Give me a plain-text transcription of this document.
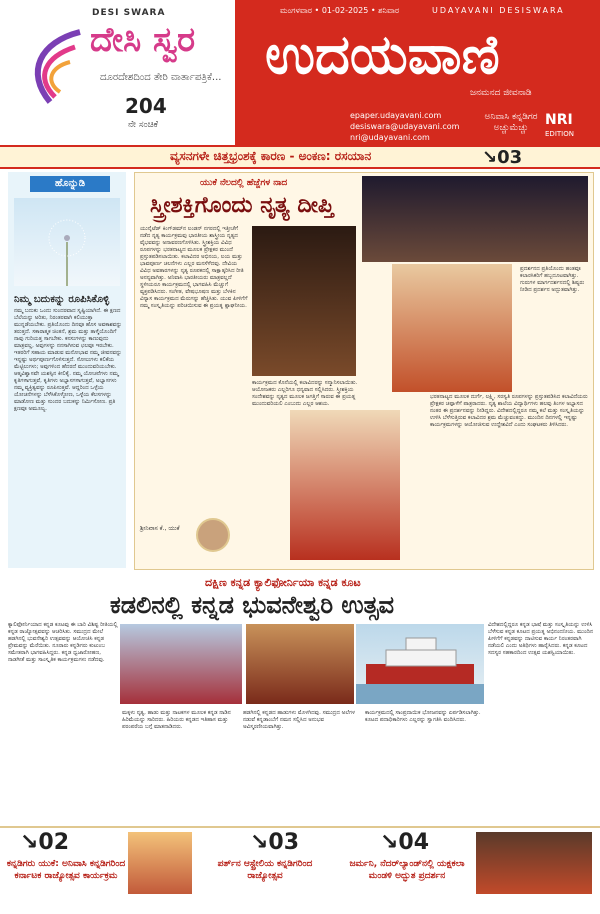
DESI SWARA
ದೇಸಿ ಸ್ವರ
ದೂರದೇಶದಿಂದ ತೇರಿ ವಾರ್ತಾಪತ್ರಿಕೆ...
204
ನೇ ಸಂಚಿಕೆ
ಮಂಗಳವಾರ • 01-02-2025 • ಶನಿವಾರ	UDAYAVANI DESISWARA
ಉದಯವಾಣಿ
ಜನಮನದ ಜೀವನಾಡಿ
epaper.udayavani.com
desiswara@udayavani.com
nri@udayavani.com
ಅನಿವಾಸಿ ಕನ್ನಡಿಗರ ಅಚ್ಚುಮೆಚ್ಚು	NRI
EDITION
ವ್ಯಸನಗಳೇ ಚಿತ್ತಭ್ರಂಶಕ್ಕೆ ಕಾರಣ - ಅಂಕಣ: ರಸಯಾನ	↘03
ಹೊನ್ನುಡಿ
ನಿಮ್ಮ ಬದುಕನ್ನು ರೂಪಿಸಿಕೊಳ್ಳಿ
ನಮ್ಮ ಬದುಕು ಒಂದು ಸುಂದರವಾದ ಸೃಷ್ಟಿಯಾಗಿದೆ. ಈ ಕ್ಷಣದ ಬೆಲೆಯನ್ನು ಅರಿತು, ನಿರಂತರವಾಗಿ ಕಲಿಯುತ್ತಾ ಮುನ್ನಡೆಯಬೇಕು. ಪ್ರತಿಯೊಂದು ದಿನವೂ ಹೊಸ ಅವಕಾಶವನ್ನು ತರುತ್ತದೆ. ಸಕಾರಾತ್ಮಕ ಚಿಂತನೆ, ಶ್ರಮ ಮತ್ತು ತಾಳ್ಮೆಯೊಂದಿಗೆ ನಾವು ಗುರಿಯತ್ತ ಸಾಗಬೇಕು. ಕನಸುಗಳನ್ನು ಕಾಣುವುದು ಮಾತ್ರವಲ್ಲ, ಅವುಗಳನ್ನು ನನಸಾಗಿಸುವ ಛಲವೂ ಇರಬೇಕು. ಇತರರಿಗೆ ಸಹಾಯ ಮಾಡುವ ಮನೋಭಾವ ನಮ್ಮ ಜೀವನವನ್ನು ಇನ್ನಷ್ಟು ಅರ್ಥಪೂರ್ಣಗೊಳಿಸುತ್ತದೆ. ಸೋಲುಗಳು ಕಲಿಕೆಯ ಮೆಟ್ಟಿಲುಗಳು; ಅವುಗಳಿಂದ ಹೆದರದೆ ಮುಂದುವರಿಯಬೇಕು. ಆತ್ಮವಿಶ್ವಾಸವೇ ಯಶಸ್ಸಿನ ಕೀಲಿಕೈ. ನಮ್ಮ ಯೋಚನೆಗಳು ನಮ್ಮ ಕೃತಿಗಳಾಗುತ್ತವೆ, ಕೃತಿಗಳು ಅಭ್ಯಾಸಗಳಾಗುತ್ತವೆ, ಅಭ್ಯಾಸಗಳು ನಮ್ಮ ವ್ಯಕ್ತಿತ್ವವನ್ನು ರೂಪಿಸುತ್ತವೆ. ಆದ್ದರಿಂದ ಒಳ್ಳೆಯ ಯೋಚನೆಗಳನ್ನು ಬೆಳೆಸಿಕೊಳ್ಳೋಣ, ಒಳ್ಳೆಯ ಕೆಲಸಗಳನ್ನು ಮಾಡೋಣ ಮತ್ತು ಸುಂದರ ಬದುಕನ್ನು ನಿರ್ಮಿಸೋಣ. ಪ್ರತಿ ಕ್ಷಣವೂ ಅಮೂಲ್ಯ.
ಯುಕೆ ನೆಲದಲ್ಲಿ ಹೆಜ್ಜೆಗಳ ನಾದ
ಸ್ತ್ರೀಶಕ್ತಿಗೊಂದು ನೃತ್ಯ ದೀಪ್ತಿ
ಯುನೈಟೆಡ್ ಕಿಂಗ್‌ಡಮ್‌ನ ಲಂಡನ್ ನಗರದಲ್ಲಿ ಇತ್ತೀಚೆಗೆ ನಡೆದ ನೃತ್ಯ ಕಾರ್ಯಕ್ರಮವು ಭಾರತೀಯ ಶಾಸ್ತ್ರೀಯ ನೃತ್ಯದ ವೈಭವವನ್ನು ಅನಾವರಣಗೊಳಿಸಿತು. ಸ್ತ್ರೀಶಕ್ತಿಯ ವಿವಿಧ ರೂಪಗಳನ್ನು ಭರತನಾಟ್ಯದ ಮೂಲಕ ಪ್ರೇಕ್ಷಕರ ಮುಂದೆ ಪ್ರಸ್ತುತಪಡಿಸಲಾಯಿತು. ಕಲಾವಿದರ ಅಭಿನಯ, ಲಯ ಮತ್ತು ಭಾವಪೂರ್ಣ ಚಲನೆಗಳು ಎಲ್ಲರ ಮನಸೆಳೆದವು. ದೇವಿಯ ವಿವಿಧ ಅವತಾರಗಳನ್ನು ನೃತ್ಯ ರೂಪಕದಲ್ಲಿ ಸಾಕ್ಷಾತ್ಕರಿಸಿದ ರೀತಿ ಅನನ್ಯವಾಗಿತ್ತು. ಅನಿವಾಸಿ ಭಾರತೀಯರು ಮಾತ್ರವಲ್ಲದೆ ಸ್ಥಳೀಯರೂ ಕಾರ್ಯಕ್ರಮದಲ್ಲಿ ಭಾಗವಹಿಸಿ ಮೆಚ್ಚುಗೆ ವ್ಯಕ್ತಪಡಿಸಿದರು. ಸಂಗೀತ, ವೇಷಭೂಷಣ ಮತ್ತು ಬೆಳಕಿನ ವಿನ್ಯಾಸ ಕಾರ್ಯಕ್ರಮದ ಮೆರುಗನ್ನು ಹೆಚ್ಚಿಸಿತು. ಯುವ ಪೀಳಿಗೆಗೆ ನಮ್ಮ ಸಂಸ್ಕೃತಿಯನ್ನು ಪರಿಚಯಿಸುವ ಈ ಪ್ರಯತ್ನ ಶ್ಲಾಘನೀಯ.
ಕಾರ್ಯಕ್ರಮದ ಕೊನೆಯಲ್ಲಿ ಕಲಾವಿದರನ್ನು ಸನ್ಮಾನಿಸಲಾಯಿತು. ಆಯೋಜಕರು ಎಲ್ಲರಿಗೂ ಧನ್ಯವಾದ ಸಲ್ಲಿಸಿದರು. ಸ್ತ್ರೀಶಕ್ತಿಯ ಸಂದೇಶವನ್ನು ನೃತ್ಯದ ಮೂಲಕ ಜಗತ್ತಿಗೆ ಸಾರುವ ಈ ಪ್ರಯತ್ನ ಮುಂದುವರಿಯಲಿ ಎಂಬುದು ಎಲ್ಲರ ಆಶಯ.
ಭರತನಾಟ್ಯದ ಮೂಲಕ ದುರ್ಗೆ, ಲಕ್ಷ್ಮಿ, ಸರಸ್ವತಿ ರೂಪಗಳನ್ನು ಪ್ರಸ್ತುತಪಡಿಸಿದ ಕಲಾವಿದೆಯರು ಪ್ರೇಕ್ಷಕರ ಚಪ್ಪಾಳೆಗೆ ಪಾತ್ರರಾದರು. ನೃತ್ಯ ಶಾಲೆಯ ವಿದ್ಯಾರ್ಥಿಗಳು ಹಲವು ತಿಂಗಳ ಅಭ್ಯಾಸದ ನಂತರ ಈ ಪ್ರದರ್ಶನವನ್ನು ನೀಡಿದ್ದರು. ವಿದೇಶದಲ್ಲಿದ್ದರೂ ನಮ್ಮ ಕಲೆ ಮತ್ತು ಸಂಸ್ಕೃತಿಯನ್ನು ಉಳಿಸಿ ಬೆಳೆಸುತ್ತಿರುವ ಕಲಾವಿದರ ಶ್ರಮ ಮೆಚ್ಚುವಂತದ್ದು. ಮುಂದಿನ ದಿನಗಳಲ್ಲಿ ಇನ್ನಷ್ಟು ಕಾರ್ಯಕ್ರಮಗಳನ್ನು ಆಯೋಜಿಸುವ ಉದ್ದೇಶವಿದೆ ಎಂದು ಸಂಘಟಕರು ತಿಳಿಸಿದರು.
ಪ್ರದರ್ಶನದ ಪ್ರತಿಯೊಂದು ಹಂತವೂ ಕಲಾರಸಿಕರಿಗೆ ಹಬ್ಬದೂಟವಾಗಿತ್ತು. ಗುರುಗಳ ಮಾರ್ಗದರ್ಶನದಲ್ಲಿ ಶಿಷ್ಯರು ನೀಡಿದ ಪ್ರದರ್ಶನ ಅದ್ಭುತವಾಗಿತ್ತು.
ಶ್ರೀನಿವಾಸ ಕೆ., ಯುಕೆ
ದಕ್ಷಿಣ ಕನ್ನಡ ಕ್ಯಾಲಿಫೋರ್ನಿಯಾ ಕನ್ನಡ ಕೂಟ
ಕಡಲಿನಲ್ಲಿ ಕನ್ನಡ ಭುವನೇಶ್ವರಿ ಉತ್ಸವ
ಕ್ಯಾಲಿಫೋರ್ನಿಯಾದ ಕನ್ನಡ ಕೂಟವು ಈ ಬಾರಿ ವಿಶಿಷ್ಟ ರೀತಿಯಲ್ಲಿ ಕನ್ನಡ ರಾಜ್ಯೋತ್ಸವವನ್ನು ಆಚರಿಸಿತು. ಸಮುದ್ರದ ಮೇಲೆ ಹಡಗಿನಲ್ಲಿ ಭುವನೇಶ್ವರಿ ಉತ್ಸವವನ್ನು ಆಯೋಜಿಸಿ ಕನ್ನಡ ಪ್ರೇಮವನ್ನು ಮೆರೆಯಿತು. ನೂರಾರು ಕನ್ನಡಿಗರು ಕುಟುಂಬ ಸಮೇತರಾಗಿ ಭಾಗವಹಿಸಿದ್ದರು. ಕನ್ನಡ ಧ್ವಜಾರೋಹಣ, ನಾಡಗೀತೆ ಮತ್ತು ಸಾಂಸ್ಕೃತಿಕ ಕಾರ್ಯಕ್ರಮಗಳು ನಡೆದವು.
ಮಕ್ಕಳು ನೃತ್ಯ, ಹಾಡು ಮತ್ತು ನಾಟಕಗಳ ಮೂಲಕ ಕನ್ನಡ ನಾಡಿನ ಹಿರಿಮೆಯನ್ನು ಸಾರಿದರು. ಹಿರಿಯರು ಕನ್ನಡದ ಇತಿಹಾಸ ಮತ್ತು ಪರಂಪರೆಯ ಬಗ್ಗೆ ಮಾತನಾಡಿದರು.
ಹಡಗಿನಲ್ಲಿ ಕನ್ನಡದ ಹಾಡುಗಳು ಮೊಳಗಿದವು. ಸಮುದ್ರದ ಅಲೆಗಳ ನಡುವೆ ಕನ್ನಡಾಂಬೆಗೆ ನಮನ ಸಲ್ಲಿಸಿದ ಅನುಭವ ಅವಿಸ್ಮರಣೀಯವಾಗಿತ್ತು.
ಕಾರ್ಯಕ್ರಮದಲ್ಲಿ ಸಾಂಪ್ರದಾಯಿಕ ಭೋಜನವನ್ನು ಏರ್ಪಡಿಸಲಾಗಿತ್ತು. ಕೂಟದ ಪದಾಧಿಕಾರಿಗಳು ಎಲ್ಲರನ್ನು ಸ್ವಾಗತಿಸಿ ವಂದಿಸಿದರು.
ವಿದೇಶದಲ್ಲಿದ್ದರೂ ಕನ್ನಡ ಭಾಷೆ ಮತ್ತು ಸಂಸ್ಕೃತಿಯನ್ನು ಉಳಿಸಿ ಬೆಳೆಸುವ ಕನ್ನಡ ಕೂಟದ ಪ್ರಯತ್ನ ಅಭಿನಂದನೀಯ. ಮುಂದಿನ ಪೀಳಿಗೆಗೆ ಕನ್ನಡವನ್ನು ದಾಟಿಸುವ ಕಾರ್ಯ ನಿರಂತರವಾಗಿ ನಡೆಯಲಿ ಎಂದು ಅತಿಥಿಗಳು ಹಾರೈಸಿದರು. ಕನ್ನಡ ಕೂಟದ ಸದಸ್ಯರ ಸಹಕಾರದಿಂದ ಉತ್ಸವ ಯಶಸ್ವಿಯಾಯಿತು.
↘02
ಕನ್ನಡಿಗರು ಯುಕೆ: ಅನಿವಾಸಿ ಕನ್ನಡಿಗರಿಂದ ಕರ್ನಾಟಕ ರಾಜ್ಯೋತ್ಸವ ಕಾರ್ಯಕ್ರಮ
↘03
ಪರ್ತ್‌ನ ಆಸ್ಟ್ರೇಲಿಯ ಕನ್ನಡಿಗರಿಂದ ರಾಜ್ಯೋತ್ಸವ
↘04
ಜರ್ಮನಿ, ನೆದರ್‌ಲ್ಯಾಂಡ್‌ನಲ್ಲಿ ಯಕ್ಷಕಲಾ ಮಂಡಳಿ ಅದ್ಭುತ ಪ್ರದರ್ಶನ
